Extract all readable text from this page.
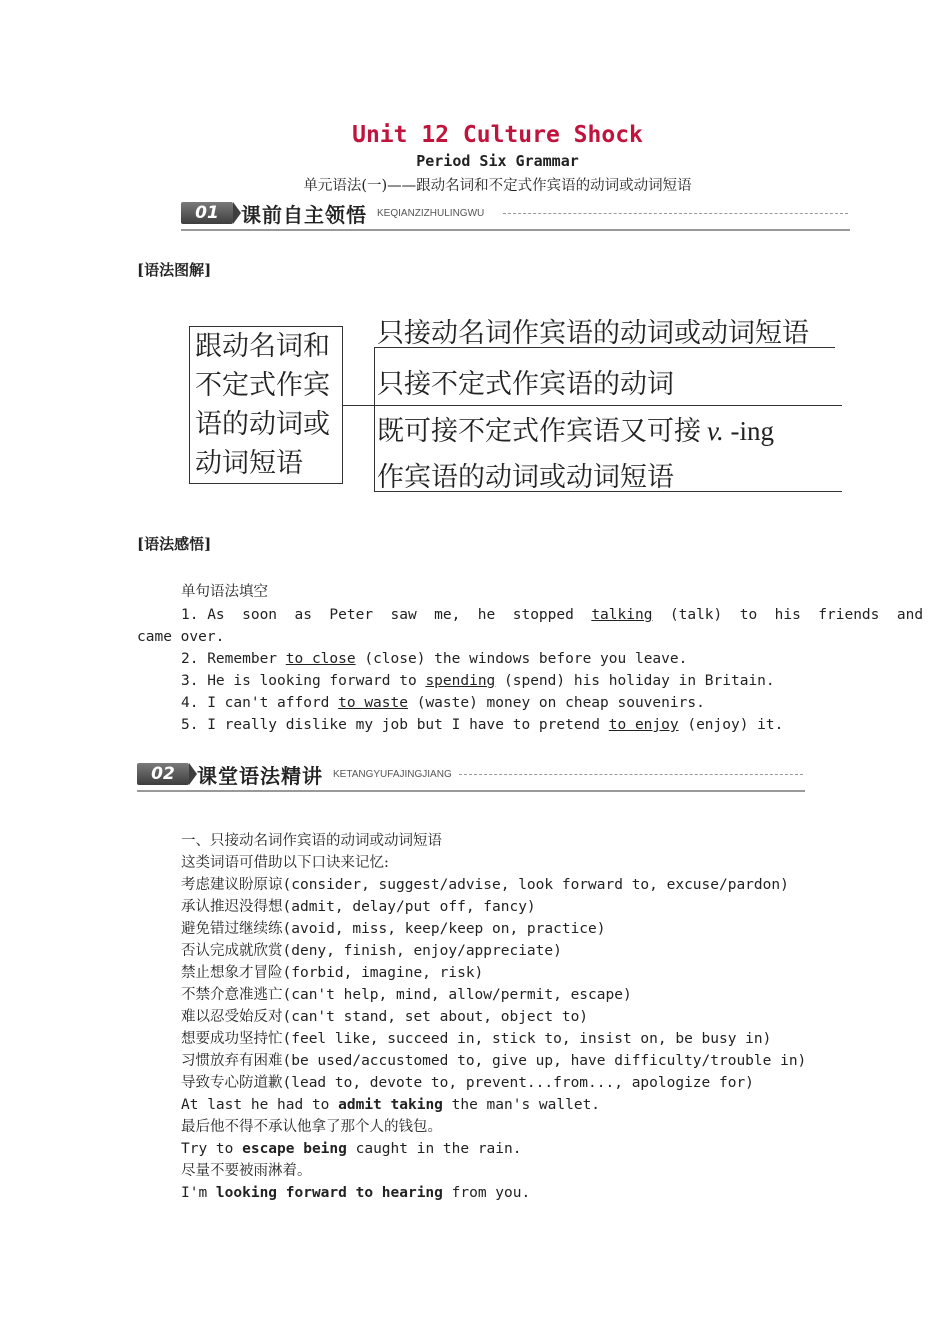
Unit 12 Culture Shock
Period Six Grammar
单元语法(一)——跟动名词和不定式作宾语的动词或动词短语
01	课前自主领悟 KEQIANZIZHULINGWU
[语法图解]
跟动名词和
不定式作宾
语的动词或
动词短语
只接动名词作宾语的动词或动词短语
只接不定式作宾语的动词
既可接不定式作宾语又可接 v. -ing
作宾语的动词或动词短语
[语法感悟]
单句语法填空
1. As  soon  as  Peter  saw  me,  he  stopped  talking  (talk)  to  his  friends  and
came over.
2. Remember to close (close) the windows before you leave.
3. He is looking forward to spending (spend) his holiday in Britain.
4. I can't afford to waste (waste) money on cheap souvenirs.
5. I really dislike my job but I have to pretend to enjoy (enjoy) it.
02	课堂语法精讲 KETANGYUFAJINGJIANG
一、只接动名词作宾语的动词或动词短语
这类词语可借助以下口诀来记忆:
考虑建议盼原谅(consider, suggest/advise, look forward to, excuse/pardon)
承认推迟没得想(admit, delay/put off, fancy)
避免错过继续练(avoid, miss, keep/keep on, practice)
否认完成就欣赏(deny, finish, enjoy/appreciate)
禁止想象才冒险(forbid, imagine, risk)
不禁介意准逃亡(can't help, mind, allow/permit, escape)
难以忍受始反对(can't stand, set about, object to)
想要成功坚持忙(feel like, succeed in, stick to, insist on, be busy in)
习惯放弃有困难(be used/accustomed to, give up, have difficulty/trouble in)
导致专心防道歉(lead to, devote to, prevent...from..., apologize for)
At last he had to admit taking the man's wallet.
最后他不得不承认他拿了那个人的钱包。
Try to escape being caught in the rain.
尽量不要被雨淋着。
I'm looking forward to hearing from you.
